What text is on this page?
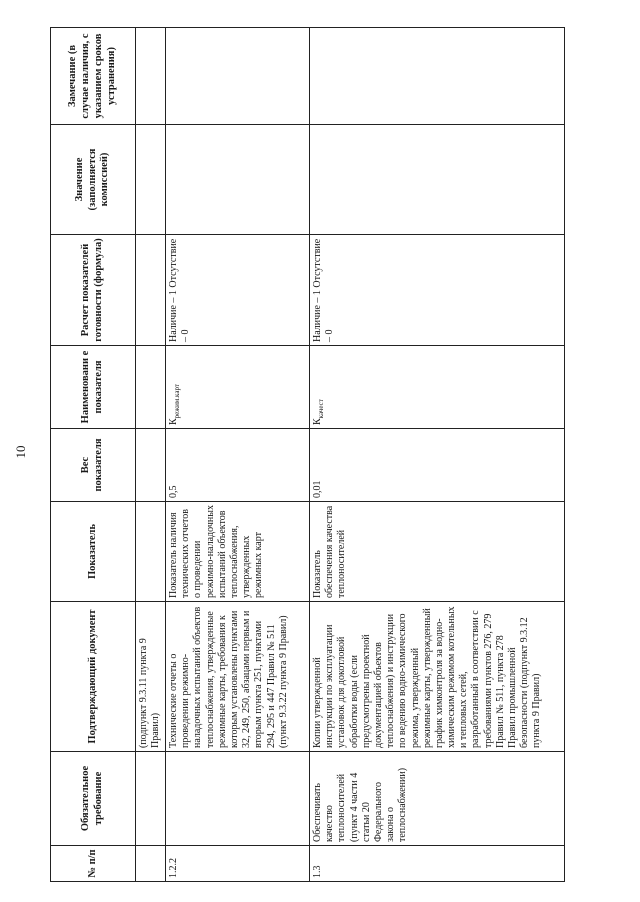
10
№ п/п	Обязательное требование	Подтверждающий документ	Показатель	Вес показателя	Наименовани е показателя	Расчет показателей готовности (формула)	Значение (заполняется комиссией)	Замечание (в случае наличия, с указанием сроков устранения)
		(подпункт 9.3.11 пункта 9 Правил)						
1.2.2		Технические отчеты о проведении режимно-наладочных испытаний объектов теплоснабжения, утвержденные режимные карты, требования к которым установлены пунктами 32, 249, 250, абзацами первым и вторым пункта 251, пунктами 294, 295 и 447 Правил № 511 (пункт 9.3.22 пункта 9 Правил)	Показатель наличия технических отчетов о проведении режимно-наладочных испытаний объектов теплоснабжения, утвержденных режимных карт	0,5	$К_{режим.карт}$	Наличие – 1 Отсутствие – 0		
1.3	Обеспечивать качество теплоносителей (пункт 4 части 4 статьи 20 Федерального закона о теплоснабжении)	Копии утвержденной инструкции по эксплуатации установок для докотловой обработки воды (если предусмотрены проектной документацией объектов теплоснабжения) и инструкции по ведению водно-химического режима, утвержденный режимные карты, утвержденный график химконтроля за водно-химическим режимом котельных и тепловых сетей, разработанный в соответствии с требованиями пунктов 276, 279 Правил № 511, пункта 278 Правил промышленной безопасности (подпункт 9.3.12 пункта 9 Правил)	Показатель обеспечения качества теплоносителей	0,01	$К_{качест}$	Наличие – 1 Отсутствие – 0		
